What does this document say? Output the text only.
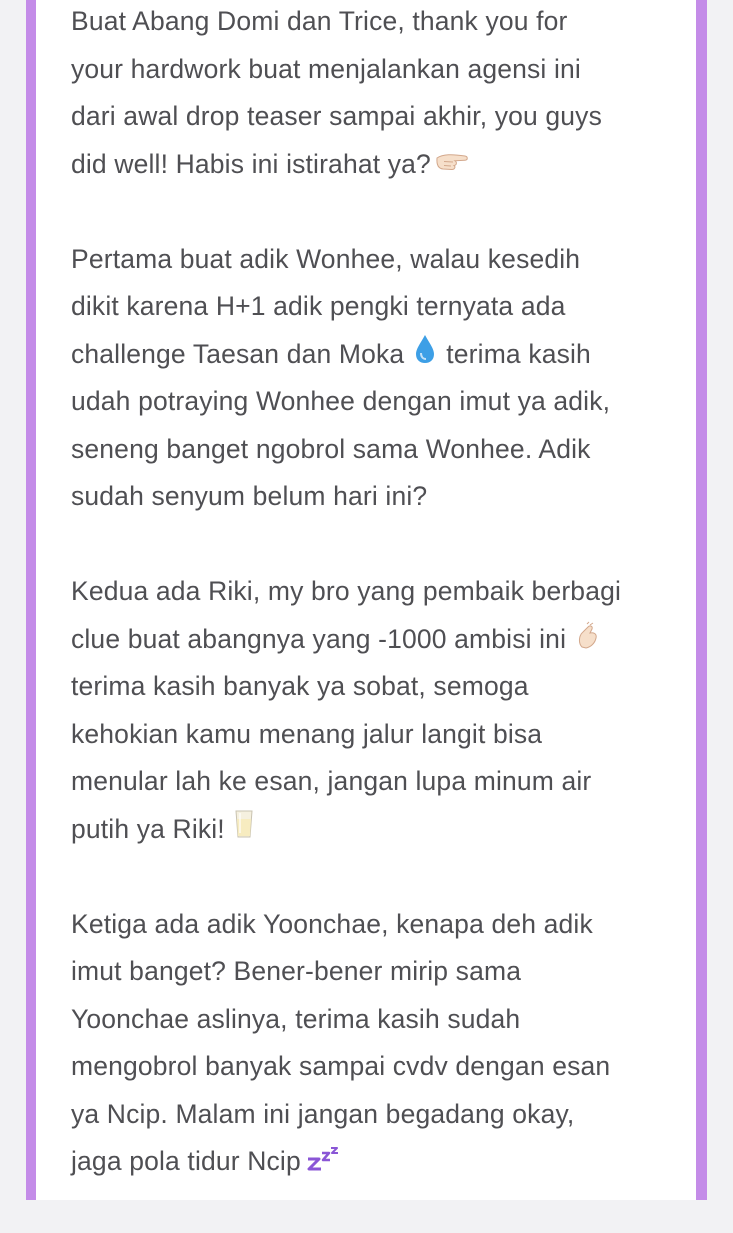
Buat Abang Domi dan Trice, thank you for
your hardwork buat menjalankan agensi ini
dari awal drop teaser sampai akhir, you guys
did well! Habis ini istirahat ya?
Pertama buat adik Wonhee, walau kesedih
dikit karena H+1 adik pengki ternyata ada
challenge Taesan dan Moka terima kasih
udah potraying Wonhee dengan imut ya adik,
seneng banget ngobrol sama Wonhee. Adik
sudah senyum belum hari ini?
Kedua ada Riki, my bro yang pembaik berbagi
clue buat abangnya yang -1000 ambisi ini
terima kasih banyak ya sobat, semoga
kehokian kamu menang jalur langit bisa
menular lah ke esan, jangan lupa minum air
putih ya Riki!
Ketiga ada adik Yoonchae, kenapa deh adik
imut banget? Bener-bener mirip sama
Yoonchae aslinya, terima kasih sudah
mengobrol banyak sampai cvdv dengan esan
ya Ncip. Malam ini jangan begadang okay,
jaga pola tidur Ncip
